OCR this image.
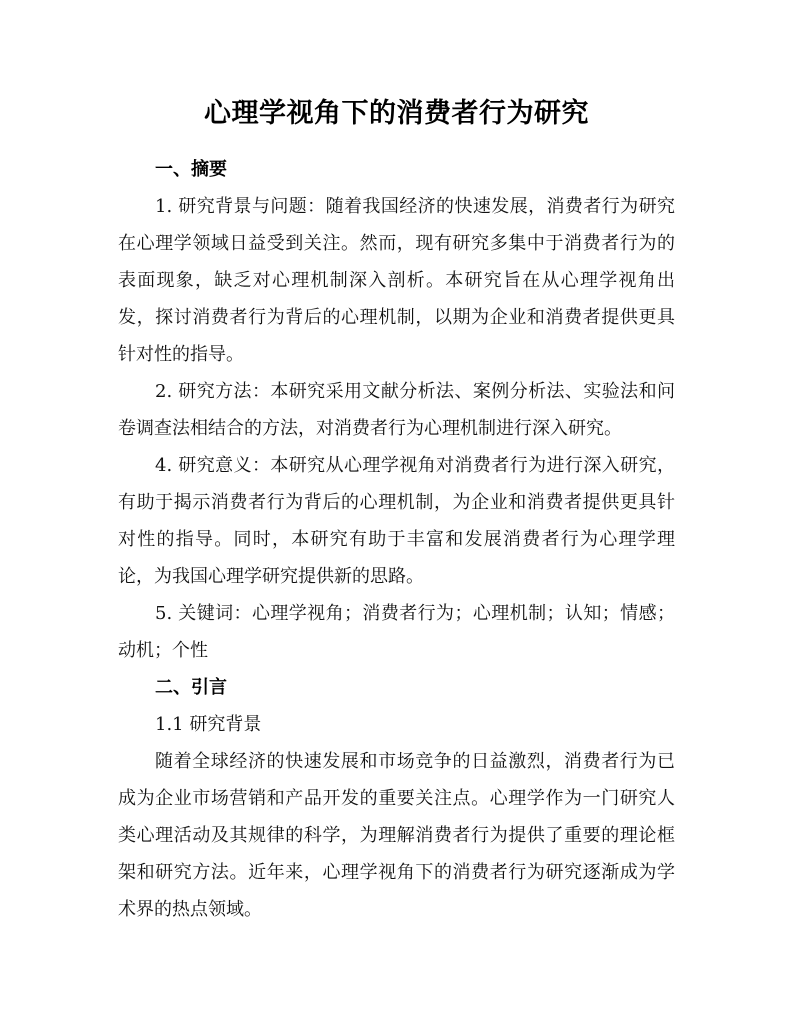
心理学视角下的消费者行为研究
一、摘要

1. 研究背景与问题：随着我国经济的快速发展，消费者行为研究在心理学领域日益受到关注。然而，现有研究多集中于消费者行为的表面现象，缺乏对心理机制深入剖析。本研究旨在从心理学视角出发，探讨消费者行为背后的心理机制，以期为企业和消费者提供更具针对性的指导。

2. 研究方法：本研究采用文献分析法、案例分析法、实验法和问卷调查法相结合的方法，对消费者行为心理机制进行深入研究。

4. 研究意义：本研究从心理学视角对消费者行为进行深入研究，有助于揭示消费者行为背后的心理机制，为企业和消费者提供更具针对性的指导。同时，本研究有助于丰富和发展消费者行为心理学理论，为我国心理学研究提供新的思路。

5. 关键词：心理学视角；消费者行为；心理机制；认知；情感；动机；个性

二、引言

1.1 研究背景

随着全球经济的快速发展和市场竞争的日益激烈，消费者行为已成为企业市场营销和产品开发的重要关注点。心理学作为一门研究人类心理活动及其规律的科学，为理解消费者行为提供了重要的理论框架和研究方法。近年来，心理学视角下的消费者行为研究逐渐成为学术界的热点领域。
